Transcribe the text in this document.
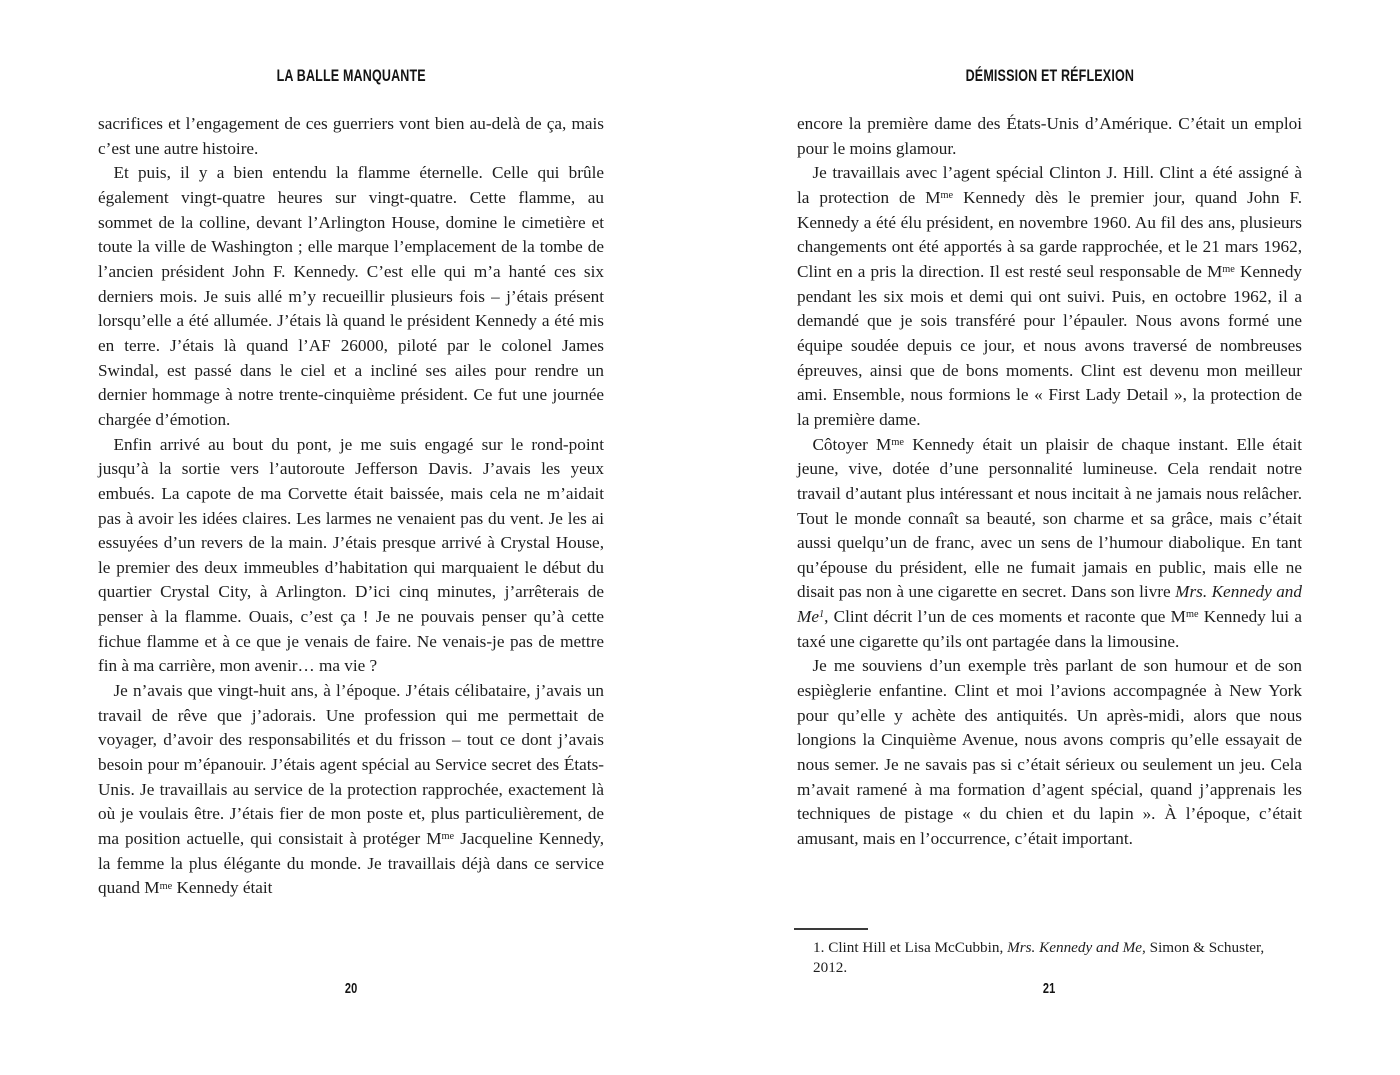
LA BALLE MANQUANTE

sacrifices et l’engagement de ces guerriers vont bien au-delà de ça, mais c’est une autre histoire.

Et puis, il y a bien entendu la flamme éternelle. Celle qui brûle également vingt-quatre heures sur vingt-quatre. Cette flamme, au sommet de la colline, devant l’Arlington House, domine le cimetière et toute la ville de Washington ; elle marque l’emplacement de la tombe de l’ancien président John F. Kennedy. C’est elle qui m’a hanté ces six derniers mois. Je suis allé m’y recueillir plusieurs fois – j’étais présent lorsqu’elle a été allumée. J’étais là quand le président Kennedy a été mis en terre. J’étais là quand l’AF 26000, piloté par le colonel James Swindal, est passé dans le ciel et a incliné ses ailes pour rendre un dernier hommage à notre trente-cinquième président. Ce fut une journée chargée d’émotion.

Enfin arrivé au bout du pont, je me suis engagé sur le rond-point jusqu’à la sortie vers l’autoroute Jefferson Davis. J’avais les yeux embués. La capote de ma Corvette était baissée, mais cela ne m’aidait pas à avoir les idées claires. Les larmes ne venaient pas du vent. Je les ai essuyées d’un revers de la main. J’étais presque arrivé à Crystal House, le premier des deux immeubles d’habitation qui marquaient le début du quartier Crystal City, à Arlington. D’ici cinq minutes, j’arrêterais de penser à la flamme. Ouais, c’est ça ! Je ne pouvais penser qu’à cette fichue flamme et à ce que je venais de faire. Ne venais-je pas de mettre fin à ma carrière, mon avenir… ma vie ?

Je n’avais que vingt-huit ans, à l’époque. J’étais célibataire, j’avais un travail de rêve que j’adorais. Une profession qui me permettait de voyager, d’avoir des responsabilités et du frisson – tout ce dont j’avais besoin pour m’épanouir. J’étais agent spécial au Service secret des États-Unis. Je travaillais au service de la protection rapprochée, exactement là où je voulais être. J’étais fier de mon poste et, plus particulièrement, de ma position actuelle, qui consistait à protéger $M^{me}$ Jacqueline Kennedy, la femme la plus élégante du monde. Je travaillais déjà dans ce service quand $M^{me}$ Kennedy était

20
DÉMISSION ET RÉFLEXION

encore la première dame des États-Unis d’Amérique. C’était un emploi pour le moins glamour.

Je travaillais avec l’agent spécial Clinton J. Hill. Clint a été assigné à la protection de $M^{me}$ Kennedy dès le premier jour, quand John F. Kennedy a été élu président, en novembre 1960. Au fil des ans, plusieurs changements ont été apportés à sa garde rapprochée, et le 21 mars 1962, Clint en a pris la direction. Il est resté seul responsable de $M^{me}$ Kennedy pendant les six mois et demi qui ont suivi. Puis, en octobre 1962, il a demandé que je sois transféré pour l’épauler. Nous avons formé une équipe soudée depuis ce jour, et nous avons traversé de nombreuses épreuves, ainsi que de bons moments. Clint est devenu mon meilleur ami. Ensemble, nous formions le « First Lady Detail », la protection de la première dame.

Côtoyer $M^{me}$ Kennedy était un plaisir de chaque instant. Elle était jeune, vive, dotée d’une personnalité lumineuse. Cela rendait notre travail d’autant plus intéressant et nous incitait à ne jamais nous relâcher. Tout le monde connaît sa beauté, son charme et sa grâce, mais c’était aussi quelqu’un de franc, avec un sens de l’humour diabolique. En tant qu’épouse du président, elle ne fumait jamais en public, mais elle ne disait pas non à une cigarette en secret. Dans son livre Mrs. Kennedy and Me$^1$, Clint décrit l’un de ces moments et raconte que $M^{me}$ Kennedy lui a taxé une cigarette qu’ils ont partagée dans la limousine.

Je me souviens d’un exemple très parlant de son humour et de son espièglerie enfantine. Clint et moi l’avions accompagnée à New York pour qu’elle y achète des antiquités. Un après-midi, alors que nous longions la Cinquième Avenue, nous avons compris qu’elle essayait de nous semer. Je ne savais pas si c’était sérieux ou seulement un jeu. Cela m’avait ramené à ma formation d’agent spécial, quand j’apprenais les techniques de pistage « du chien et du lapin ». À l’époque, c’était amusant, mais en l’occurrence, c’était important.

1. Clint Hill et Lisa McCubbin, Mrs. Kennedy and Me, Simon & Schuster, 2012.
21
